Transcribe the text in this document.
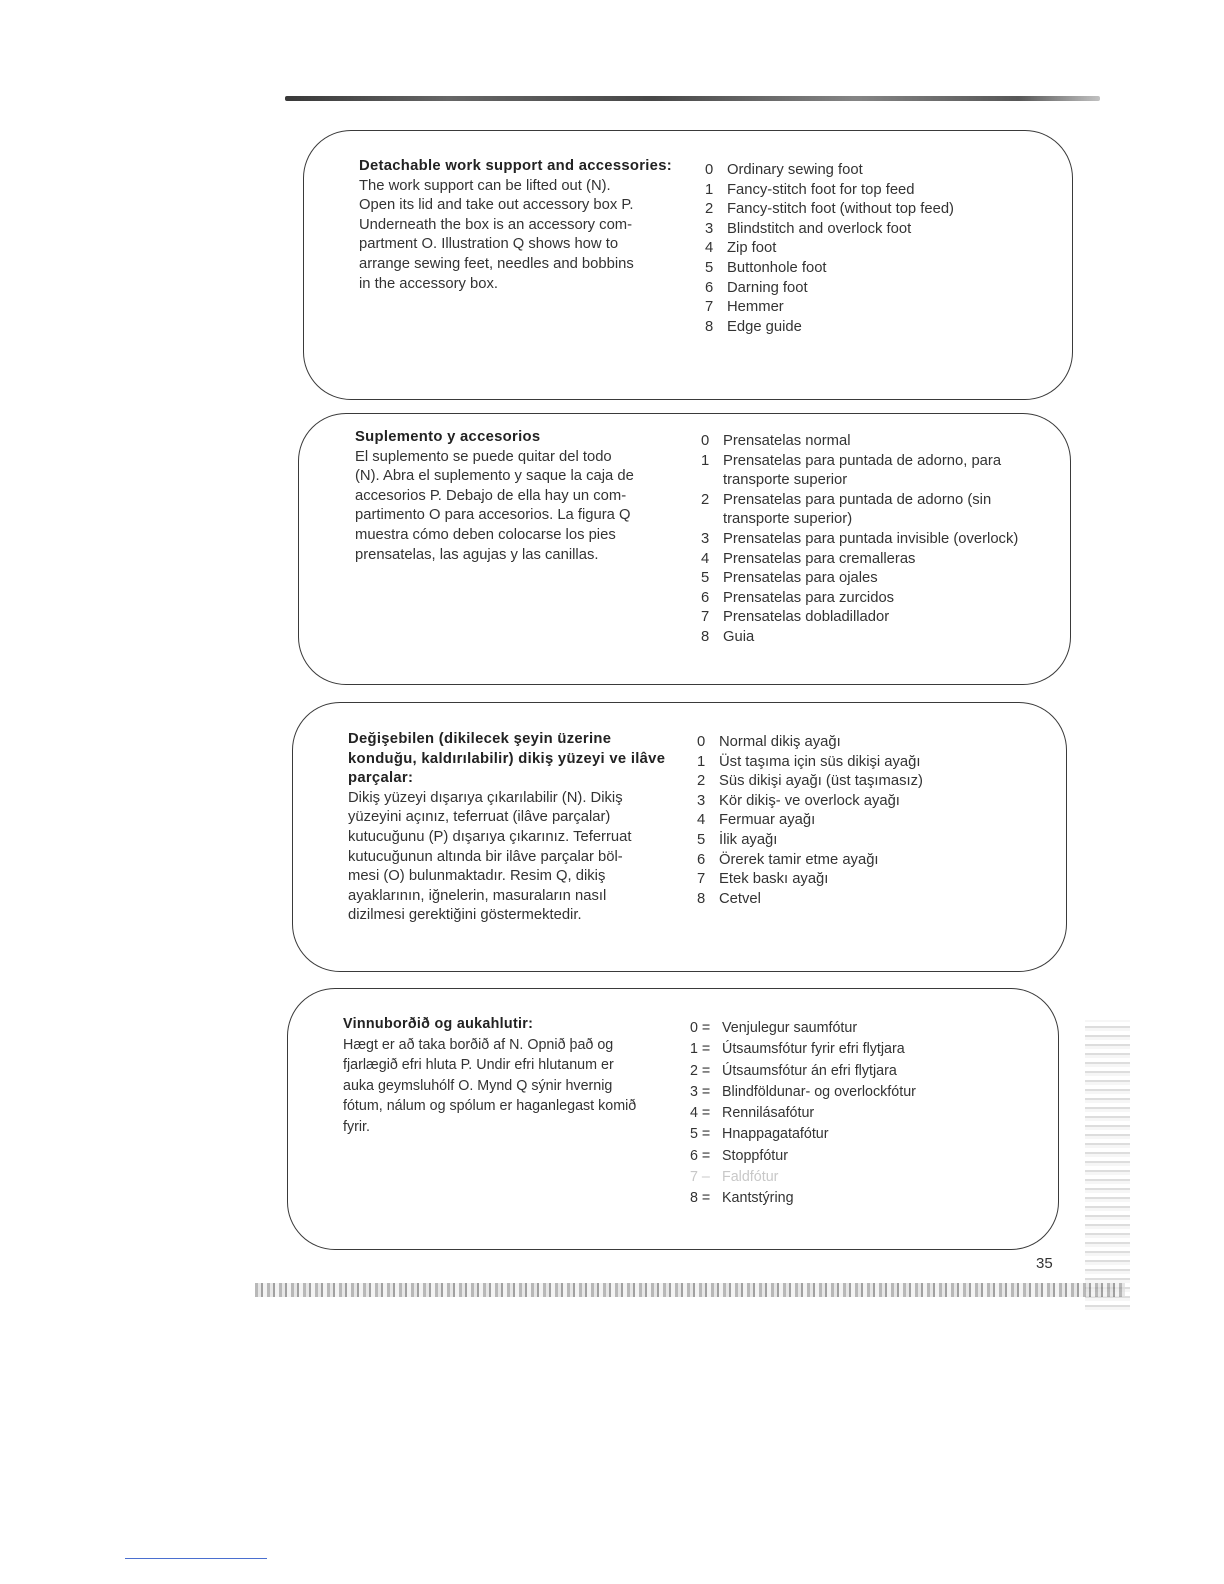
Detachable work support and accessories:

The work support can be lifted out (N).
Open its lid and take out accessory box P.
Underneath the box is an accessory com-
partment O. Illustration Q shows how to
arrange sewing feet, needles and bobbins
in the accessory box.

0 Ordinary sewing foot
1 Fancy-stitch foot for top feed
2 Fancy-stitch foot (without top feed)
3 Blindstitch and overlock foot
4 Zip foot
5 Buttonhole foot
6 Darning foot
7 Hemmer
8 Edge guide

Suplemento y accesorios

El suplemento se puede quitar del todo
(N). Abra el suplemento y saque la caja de
accesorios P. Debajo de ella hay un com-
partimento O para accesorios. La figura Q
muestra cómo deben colocarse los pies
prensatelas, las agujas y las canillas.

0 Prensatelas normal
1 Prensatelas para puntada de adorno, para transporte superior
2 Prensatelas para puntada de adorno (sin transporte superior)
3 Prensatelas para puntada invisible (overlock)
4 Prensatelas para cremalleras
5 Prensatelas para ojales
6 Prensatelas para zurcidos
7 Prensatelas dobladillador
8 Guia

Değişebilen (dikilecek şeyin üzerine konduğu, kaldırılabilir) dikiş yüzeyi ve ilâve parçalar:

Dikiş yüzeyi dışarıya çıkarılabilir (N). Dikiş
yüzeyini açınız, teferruat (ilâve parçalar)
kutucuğunu (P) dışarıya çıkarınız. Teferruat
kutucuğunun altında bir ilâve parçalar böl-
mesi (O) bulunmaktadır. Resim Q, dikiş
ayaklarının, iğnelerin, masuraların nasıl
dizilmesi gerektiğini göstermektedir.

0 Normal dikiş ayağı
1 Üst taşıma için süs dikişi ayağı
2 Süs dikişi ayağı (üst taşımasız)
3 Kör dikiş- ve overlock ayağı
4 Fermuar ayağı
5 İlik ayağı
6 Örerek tamir etme ayağı
7 Etek baskı ayağı
8 Cetvel

Vinnuborðið og aukahlutir:

Hægt er að taka borðið af N. Opnið það og
fjarlægið efri hluta P. Undir efri hlutanum er
auka geymsluhólf O. Mynd Q sýnir hvernig
fótum, nálum og spólum er haganlegast komið
fyrir.

0 = Venjulegur saumfótur
1 = Útsaumsfótur fyrir efri flytjara
2 = Útsaumsfótur án efri flytjara
3 = Blindföldunar- og overlockfótur
4 = Rennilásafótur
5 = Hnappagatafótur
6 = Stoppfótur
7 – Faldfótur
8 = Kantstýring
35
